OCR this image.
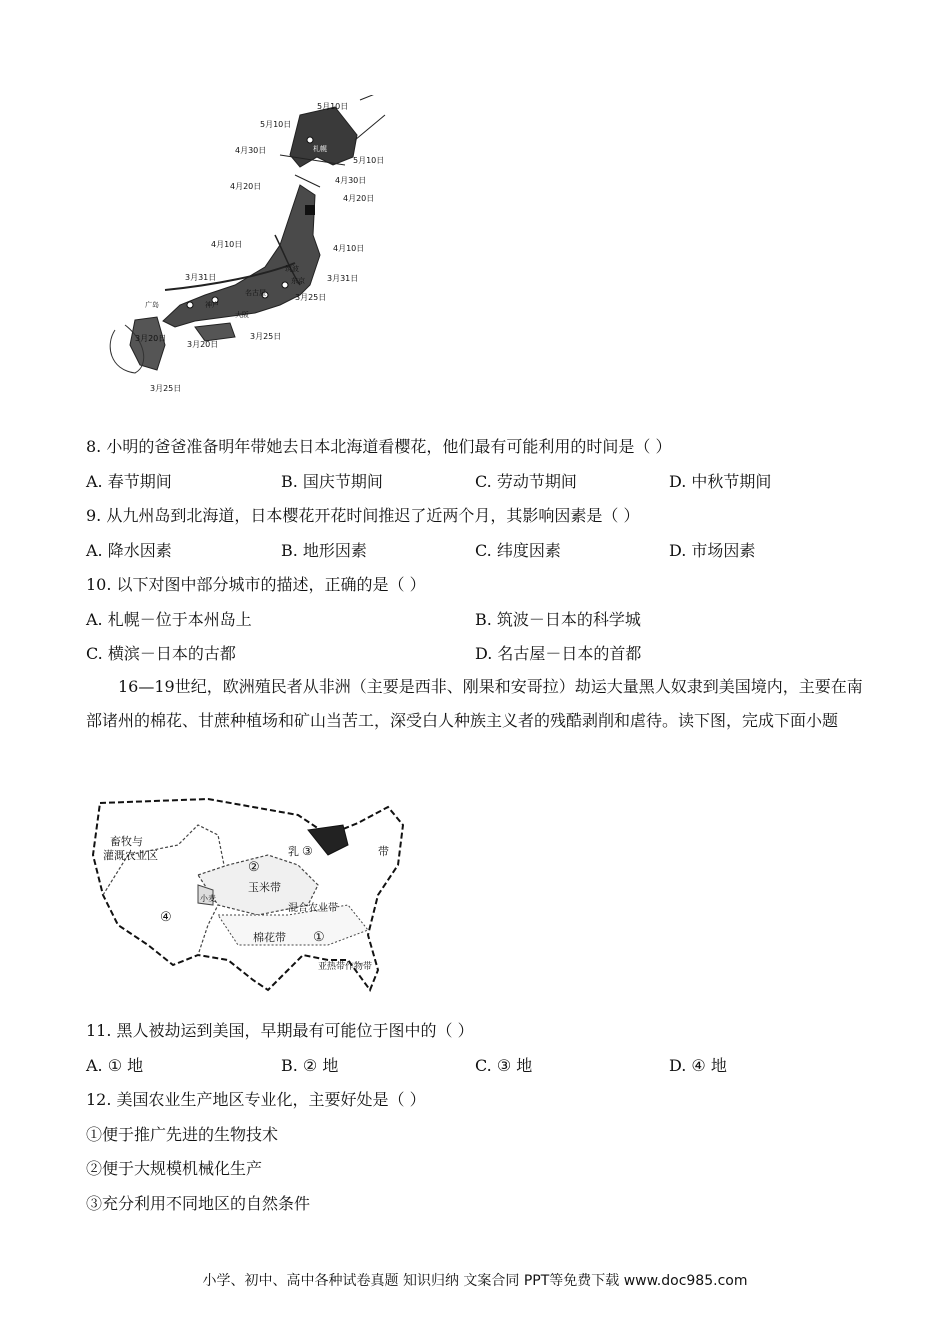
5月10日
5月10日
4月30日
5月10日
4月30日
4月20日
4月20日
4月10日	4月10日
3月31日	3月31日
3月25日
3月25日
3月20日
3月20日
3月25日
札幌
东京
广岛	神户
大阪
名古屋
筑波
8. 小明的爸爸准备明年带她去日本北海道看樱花，他们最有可能利用的时间是（ ）
A. 春节期间	B. 国庆节期间	C. 劳动节期间	D. 中秋节期间
9. 从九州岛到北海道，日本樱花开花时间推迟了近两个月，其影响因素是（ ）
A. 降水因素	B. 地形因素	C. 纬度因素	D. 市场因素
10. 以下对图中部分城市的描述，正确的是（ ）
A. 札幌－位于本州岛上	B. 筑波－日本的科学城
C. 横滨－日本的古都	D. 名古屋－日本的首都
16—19世纪，欧洲殖民者从非洲（主要是西非、刚果和安哥拉）劫运大量黑人奴隶到美国境内，主要在南部诸州的棉花、甘蔗种植场和矿山当苦工，深受白人种族主义者的残酷剥削和虐待。读下图，完成下面小题
畜牧与
灌溉农业区
④
②
乳 ③
玉米带
带
混合农业带
棉花带 ①
亚热带作物带
小麦
11. 黑人被劫运到美国，早期最有可能位于图中的（ ）
A. ① 地	B. ② 地	C. ③ 地	D. ④ 地
12. 美国农业生产地区专业化，主要好处是（ ）
①便于推广先进的生物技术
②便于大规模机械化生产
③充分利用不同地区的自然条件
小学、初中、高中各种试卷真题 知识归纳 文案合同 PPT等免费下载 www.doc985.com
